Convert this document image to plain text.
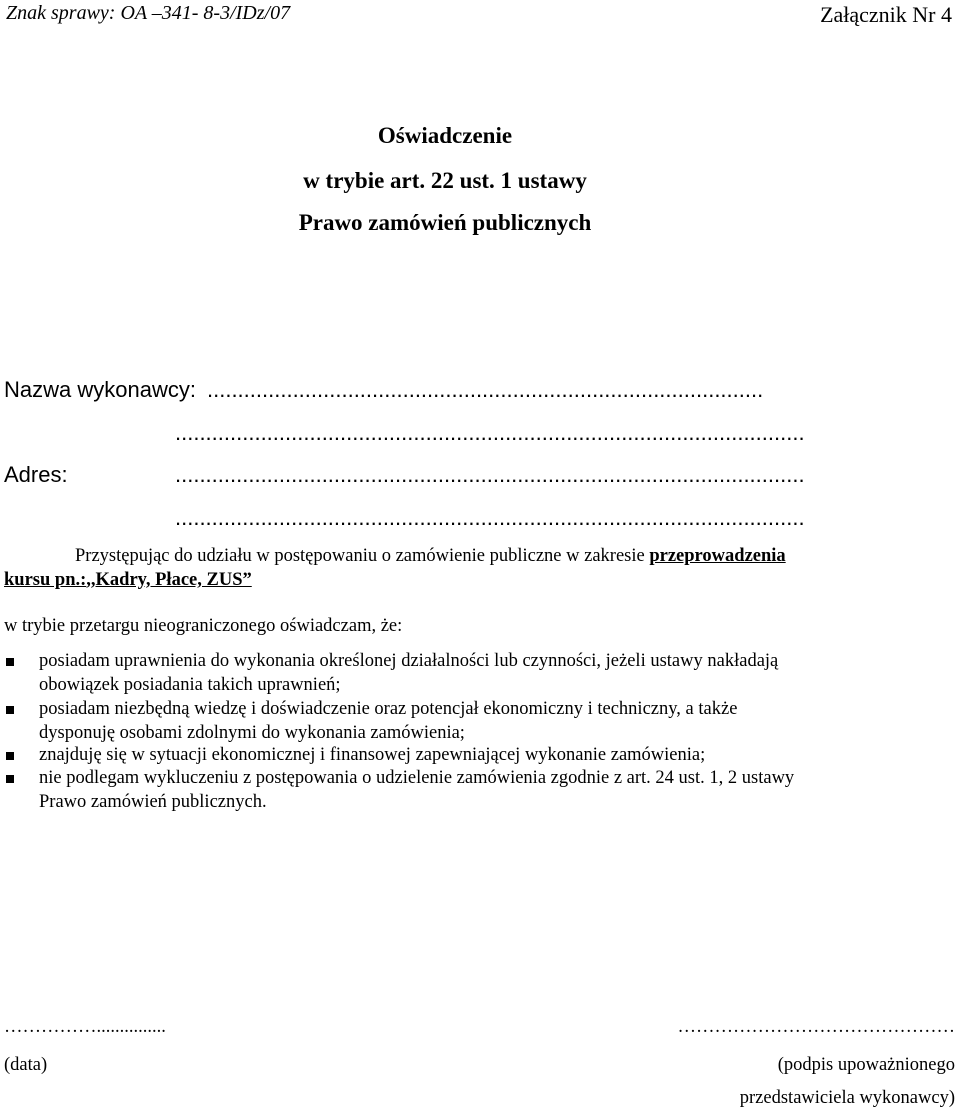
Znak sprawy: OA –341- 8-3/IDz/07	Załącznik Nr 4
Oświadczenie
w trybie art. 22 ust. 1 ustawy
Prawo zamówień publicznych
Nazwa wykonawcy: ...........................................................................................
.......................................................................................................
Adres:	.......................................................................................................
.......................................................................................................
Przystępując do udziału w postępowaniu o zamówienie publiczne w zakresie przeprowadzenia
kursu pn.:,,Kadry, Płace, ZUS”
w trybie przetargu nieograniczonego oświadczam, że:
posiadam uprawnienia do wykonania określonej działalności lub czynności, jeżeli ustawy nakładają
obowiązek posiadania takich uprawnień;
posiadam niezbędną wiedzę i doświadczenie oraz potencjał ekonomiczny i techniczny, a także
dysponuję osobami zdolnymi do wykonania zamówienia;
znajduję się w sytuacji ekonomicznej i finansowej zapewniającej wykonanie zamówienia;
nie podlegam wykluczeniu z postępowania o udzielenie zamówienia zgodnie z art. 24 ust. 1, 2 ustawy
Prawo zamówień publicznych.
……………...............
(data)
………………………………………
(podpis upoważnionego
przedstawiciela wykonawcy)
